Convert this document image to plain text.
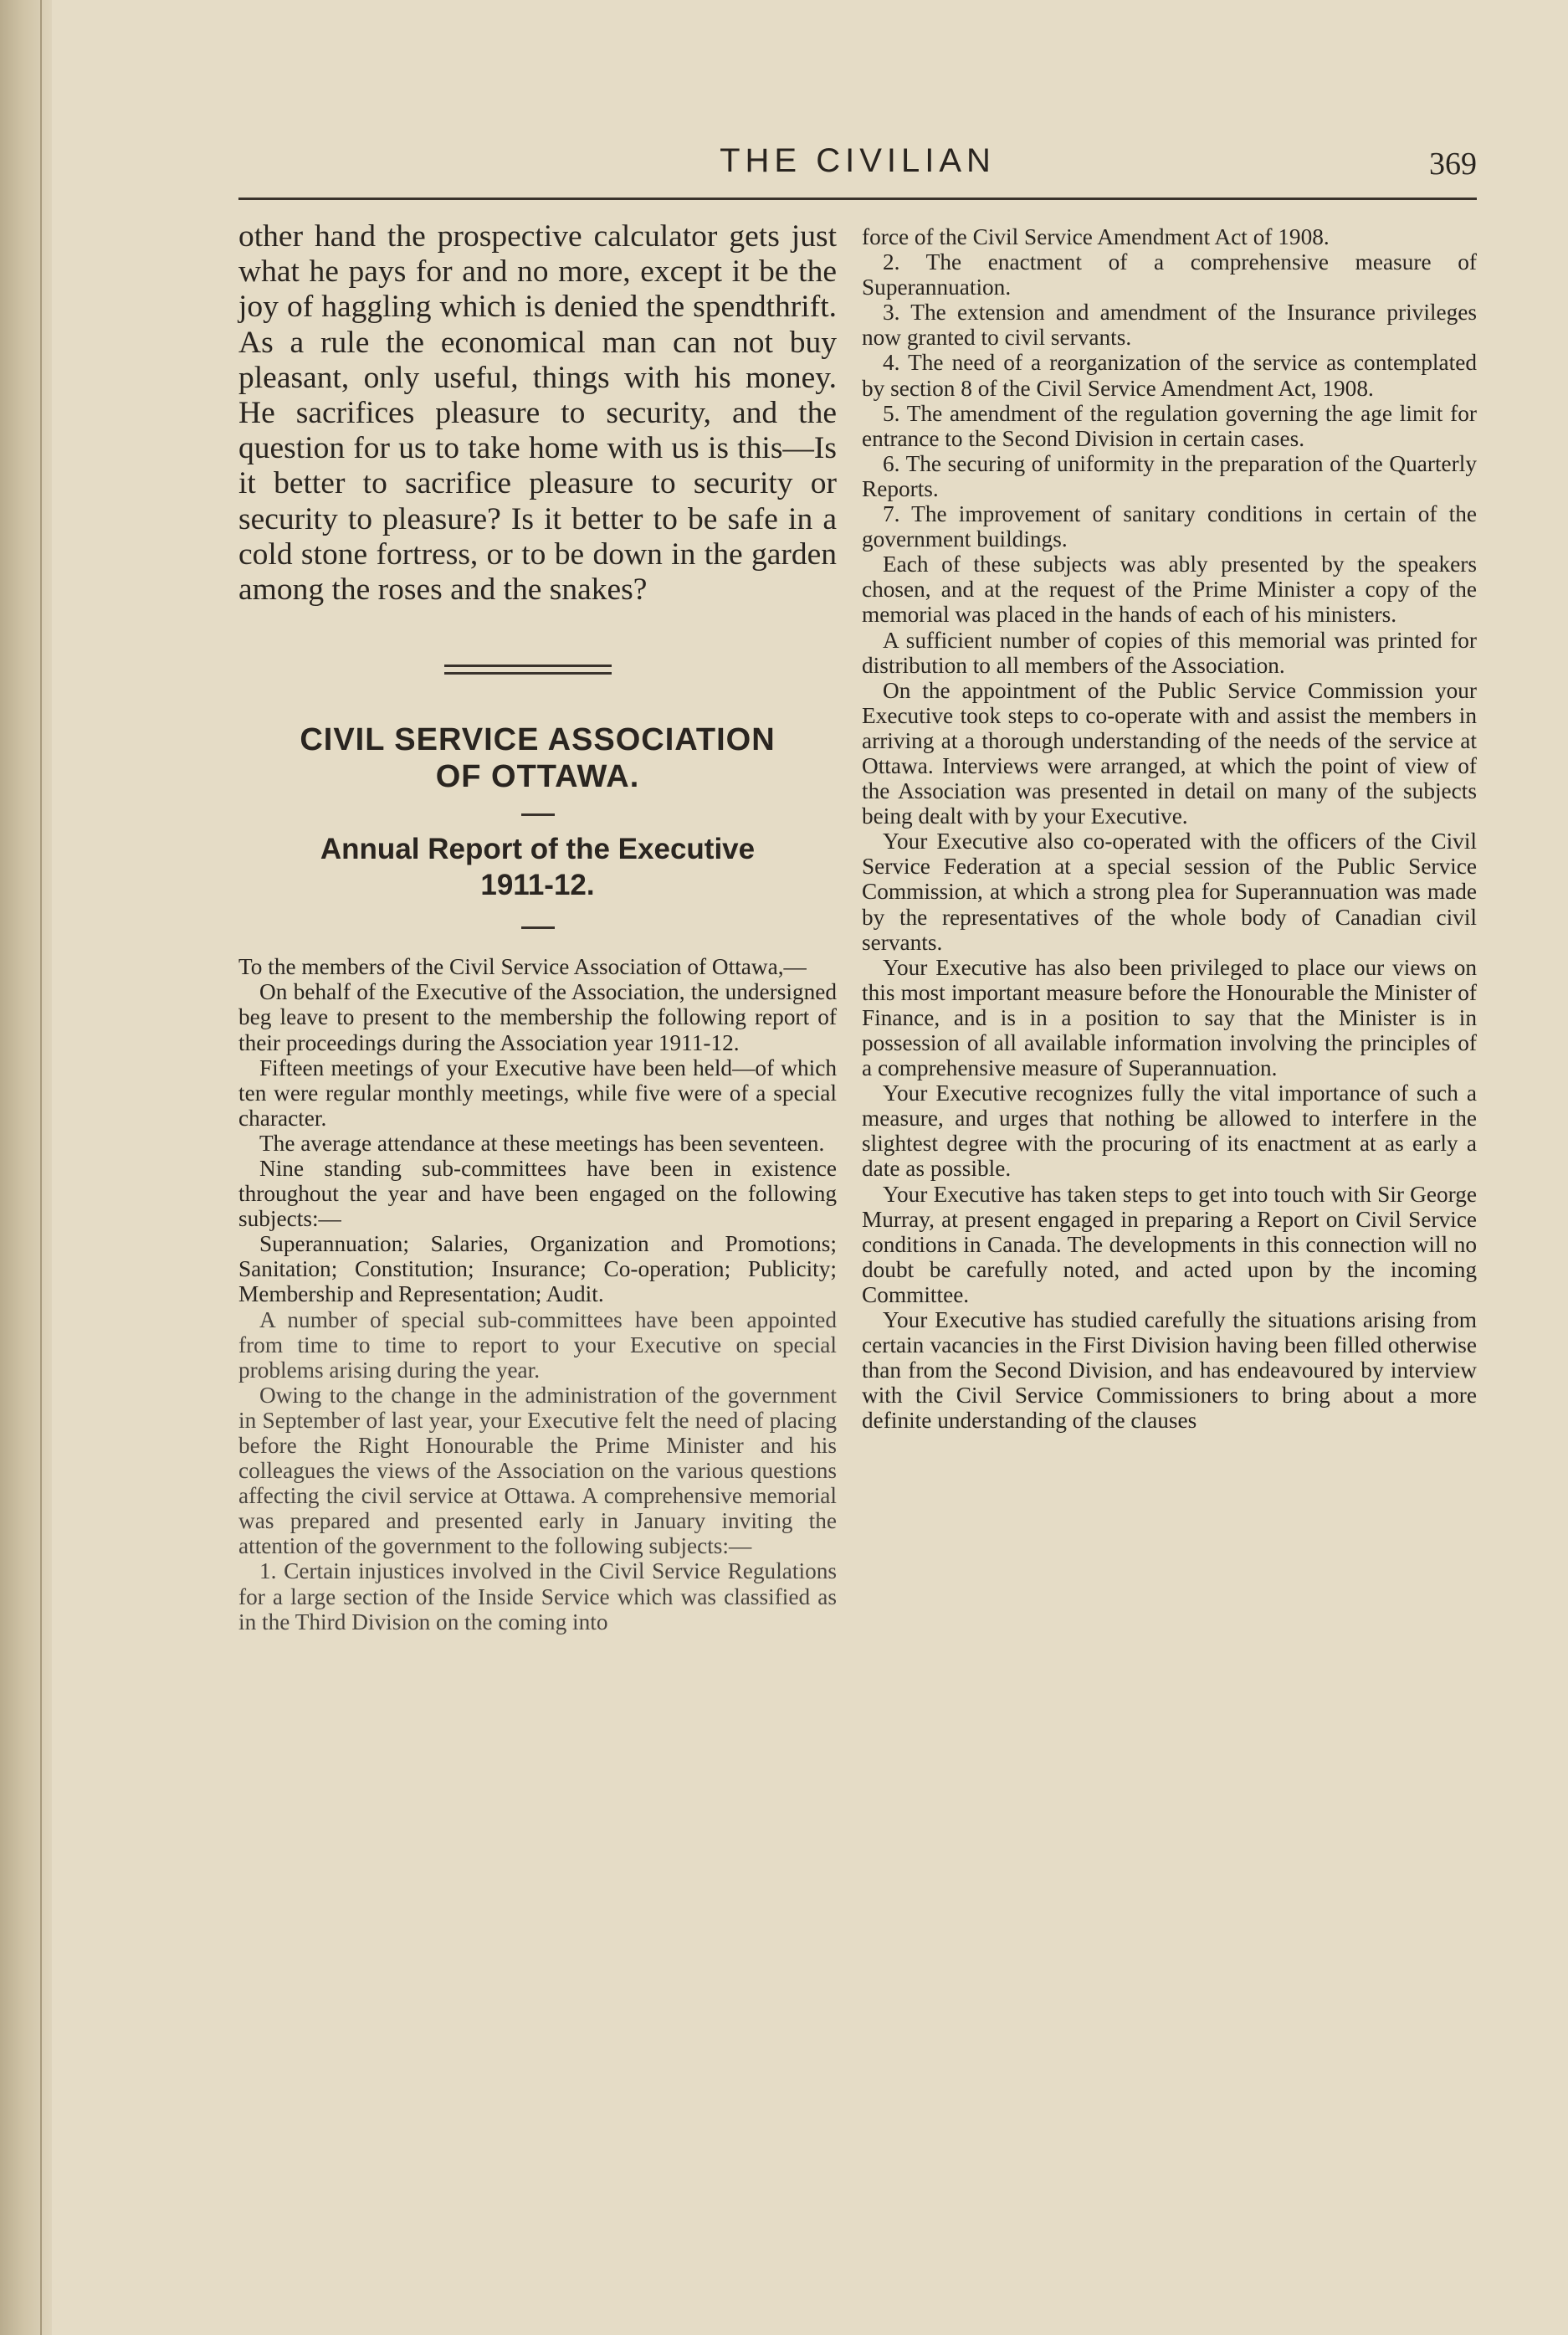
THE CIVILIAN	369

other hand the prospective calculator gets just what he pays for and no more, except it be the joy of haggling which is denied the spendthrift. As a rule the economical man can not buy pleasant, only useful, things with his money. He sacrifices pleasure to security, and the question for us to take home with us is this—Is it better to sacrifice pleasure to security or security to pleasure? Is it better to be safe in a cold stone fortress, or to be down in the garden among the roses and the snakes?

CIVIL SERVICE ASSOCIATION

OF OTTAWA.

Annual Report of the Executive

1911-12.

To the members of the Civil Service Association of Ottawa,—

On behalf of the Executive of the Association, the undersigned beg leave to present to the membership the following report of their proceedings during the Association year 1911-12.

Fifteen meetings of your Executive have been held—of which ten were regular monthly meetings, while five were of a special character.

The average attendance at these meetings has been seventeen.

Nine standing sub-committees have been in existence throughout the year and have been engaged on the following subjects:—

Superannuation; Salaries, Organization and Promotions; Sanitation; Constitution; Insurance; Co-operation; Publicity; Membership and Representation; Audit.

A number of special sub-committees have been appointed from time to time to report to your Executive on special problems arising during the year.

Owing to the change in the administration of the government in September of last year, your Executive felt the need of placing before the Right Honourable the Prime Minister and his colleagues the views of the Association on the various questions affecting the civil service at Ottawa. A comprehensive memorial was prepared and presented early in January inviting the attention of the government to the following subjects:—

1. Certain injustices involved in the Civil Service Regulations for a large section of the Inside Service which was classified as in the Third Division on the coming into

force of the Civil Service Amendment Act of 1908.

2. The enactment of a comprehensive measure of Superannuation.

3. The extension and amendment of the Insurance privileges now granted to civil servants.

4. The need of a reorganization of the service as contemplated by section 8 of the Civil Service Amendment Act, 1908.

5. The amendment of the regulation governing the age limit for entrance to the Second Division in certain cases.

6. The securing of uniformity in the preparation of the Quarterly Reports.

7. The improvement of sanitary conditions in certain of the government buildings.

Each of these subjects was ably presented by the speakers chosen, and at the request of the Prime Minister a copy of the memorial was placed in the hands of each of his ministers.

A sufficient number of copies of this memorial was printed for distribution to all members of the Association.

On the appointment of the Public Service Commission your Executive took steps to co-operate with and assist the members in arriving at a thorough understanding of the needs of the service at Ottawa. Interviews were arranged, at which the point of view of the Association was presented in detail on many of the subjects being dealt with by your Executive.

Your Executive also co-operated with the officers of the Civil Service Federation at a special session of the Public Service Commission, at which a strong plea for Superannuation was made by the representatives of the whole body of Canadian civil servants.

Your Executive has also been privileged to place our views on this most important measure before the Honourable the Minister of Finance, and is in a position to say that the Minister is in possession of all available information involving the principles of a comprehensive measure of Superannuation.

Your Executive recognizes fully the vital importance of such a measure, and urges that nothing be allowed to interfere in the slightest degree with the procuring of its enactment at as early a date as possible.

Your Executive has taken steps to get into touch with Sir George Murray, at present engaged in preparing a Report on Civil Service conditions in Canada. The developments in this connection will no doubt be carefully noted, and acted upon by the incoming Committee.

Your Executive has studied carefully the situations arising from certain vacancies in the First Division having been filled otherwise than from the Second Division, and has endeavoured by interview with the Civil Service Commissioners to bring about a more definite understanding of the clauses
